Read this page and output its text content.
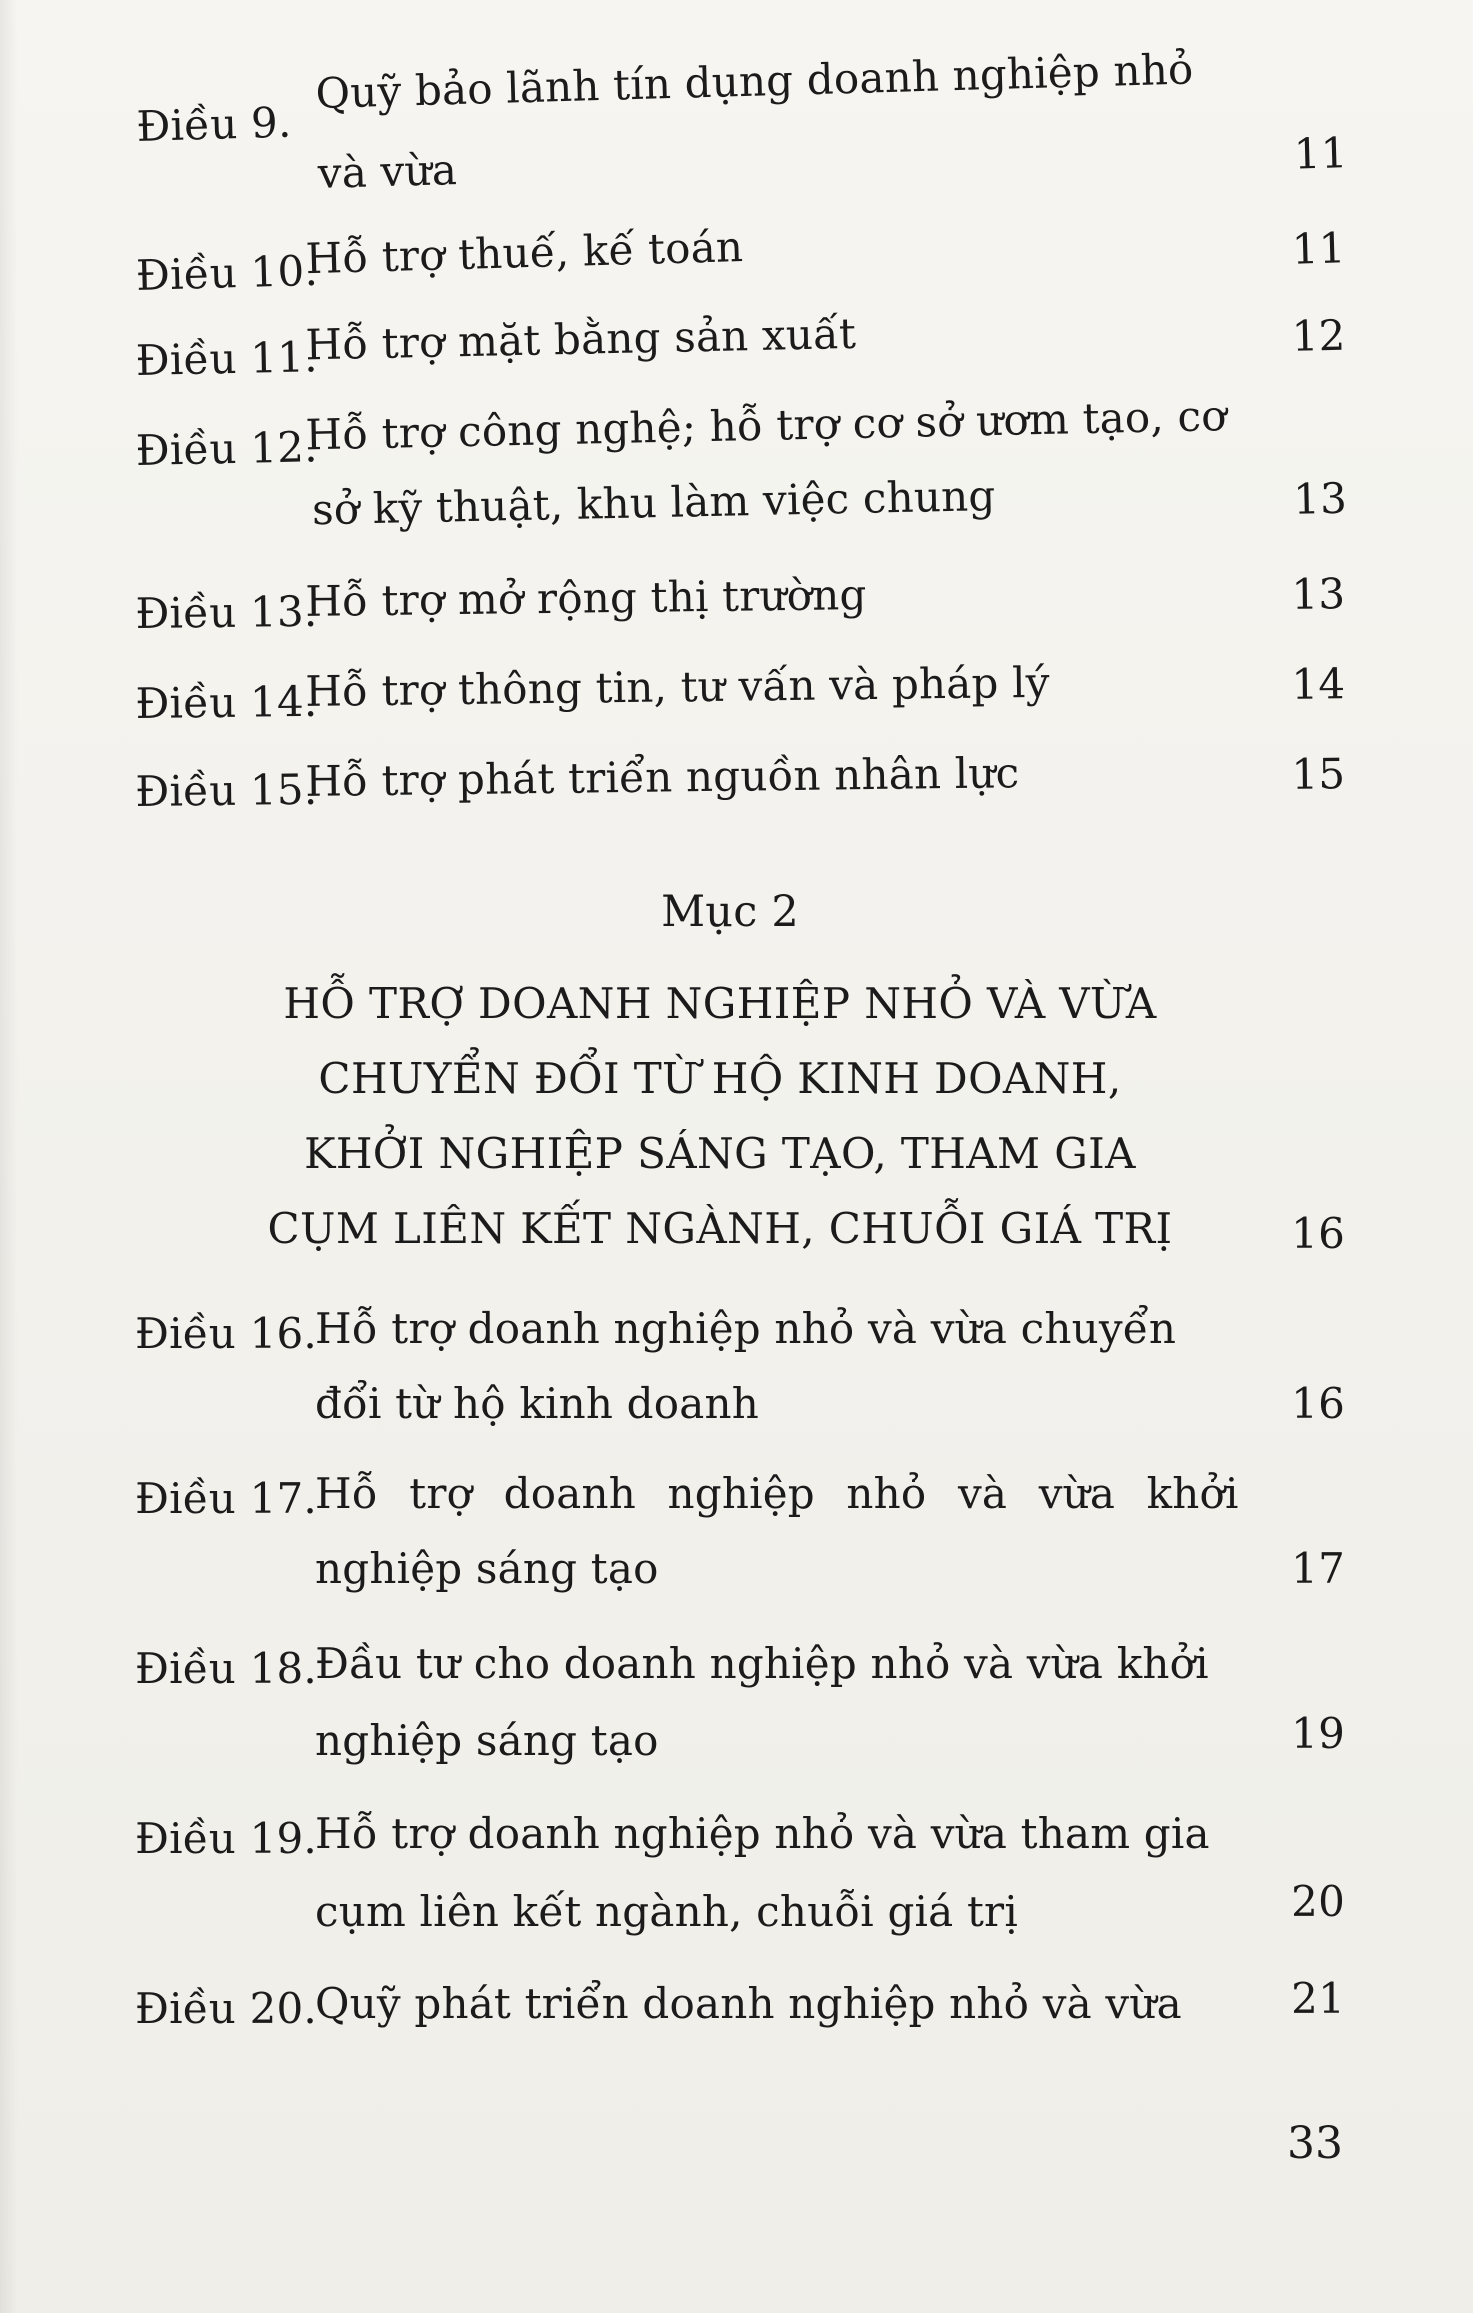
Điều 9.
Quỹ bảo lãnh tín dụng doanh nghiệp nhỏ
và vừa	11
Điều 10.
Hỗ trợ thuế, kế toán	11
Điều 11.
Hỗ trợ mặt bằng sản xuất	12
Điều 12.
Hỗ trợ công nghệ; hỗ trợ cơ sở ươm tạo, cơ
sở kỹ thuật, khu làm việc chung	13
Điều 13.
Hỗ trợ mở rộng thị trường	13
Điều 14.
Hỗ trợ thông tin, tư vấn và pháp lý	14
Điều 15.
Hỗ trợ phát triển nguồn nhân lực	15
Mục 2
HỖ TRỢ DOANH NGHIỆP NHỎ VÀ VỪA
CHUYỂN ĐỔI TỪ HỘ KINH DOANH,
KHỞI NGHIỆP SÁNG TẠO, THAM GIA
CỤM LIÊN KẾT NGÀNH, CHUỖI GIÁ TRỊ	16
Điều 16.
Hỗ trợ doanh nghiệp nhỏ và vừa chuyển
đổi từ hộ kinh doanh	16
Điều 17.
Hỗ trợ doanh nghiệp nhỏ và vừa khởi
nghiệp sáng tạo	17
Điều 18.
Đầu tư cho doanh nghiệp nhỏ và vừa khởi
nghiệp sáng tạo	19
Điều 19.
Hỗ trợ doanh nghiệp nhỏ và vừa tham gia
cụm liên kết ngành, chuỗi giá trị	20
Điều 20.
Quỹ phát triển doanh nghiệp nhỏ và vừa	21
33
